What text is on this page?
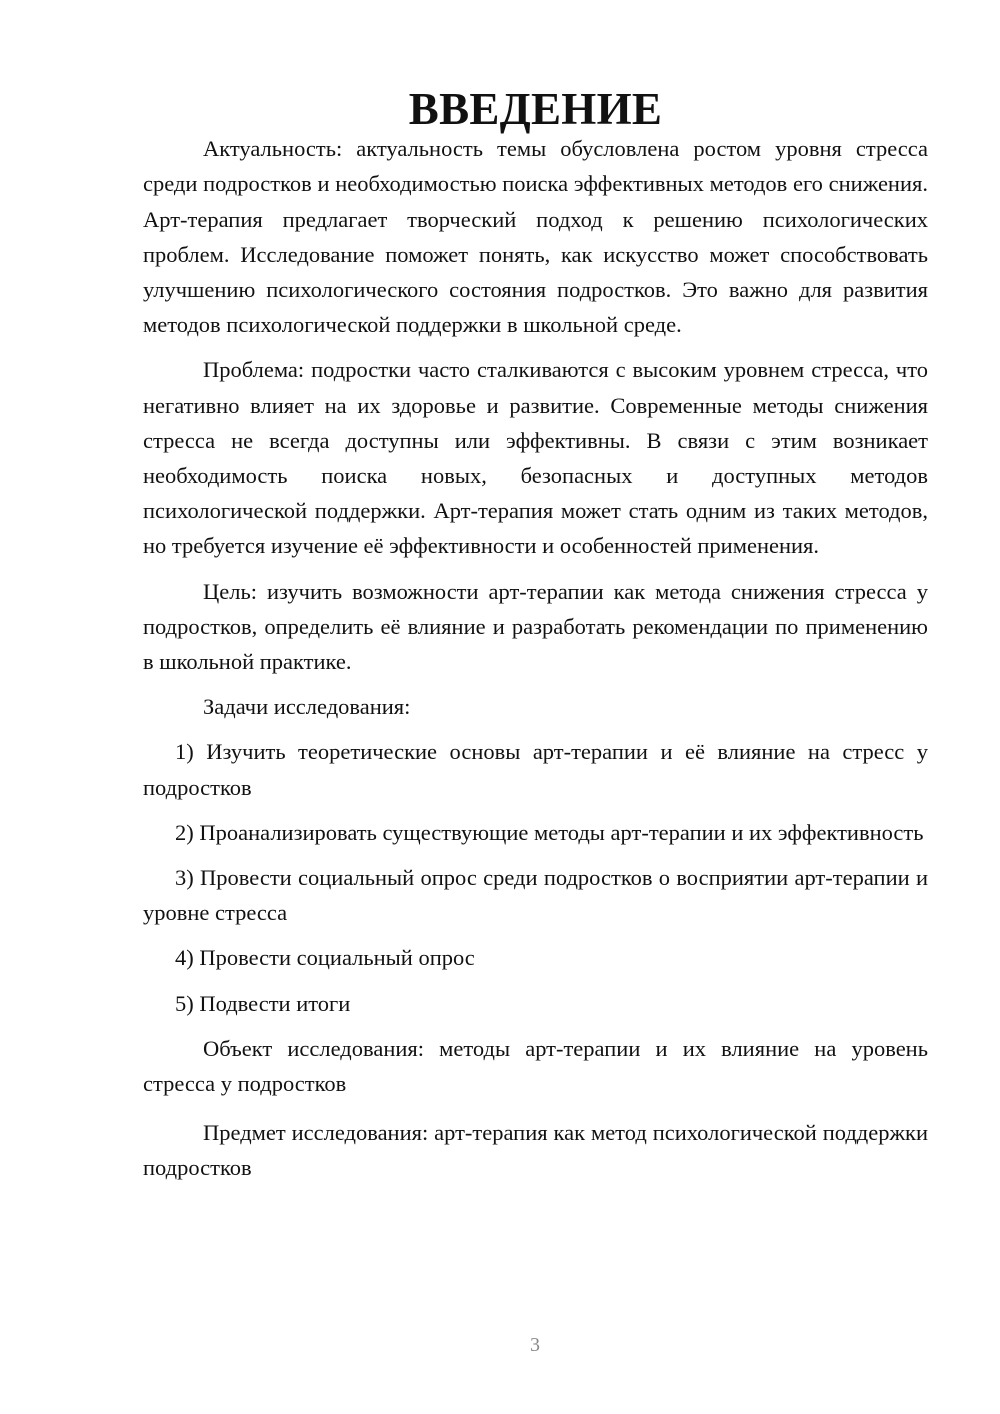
ВВЕДЕНИЕ

Актуальность: актуальность темы обусловлена ростом уровня стресса среди подростков и необходимостью поиска эффективных методов его снижения. Арт-терапия предлагает творческий подход к решению психологических проблем. Исследование поможет понять, как искусство может способствовать улучшению психологического состояния подростков. Это важно для развития методов психологической поддержки в школьной среде.

Проблема: подростки часто сталкиваются с высоким уровнем стресса, что негативно влияет на их здоровье и развитие. Современные методы снижения стресса не всегда доступны или эффективны. В связи с этим возникает необходимость поиска новых, безопасных и доступных методов психологической поддержки. Арт-терапия может стать одним из таких методов, но требуется изучение её эффективности и особенностей применения.

Цель: изучить возможности арт-терапии как метода снижения стресса у подростков, определить её влияние и разработать рекомендации по применению в школьной практике.

Задачи исследования:

1) Изучить теоретические основы арт-терапии и её влияние на стресс у подростков

2) Проанализировать существующие методы арт-терапии и их эффективность

3) Провести социальный опрос среди подростков о восприятии арт-терапии и уровне стресса

4) Провести социальный опрос

5) Подвести итоги

Объект исследования: методы арт-терапии и их влияние на уровень стресса у подростков

Предмет исследования: арт-терапия как метод психологической поддержки подростков

3
